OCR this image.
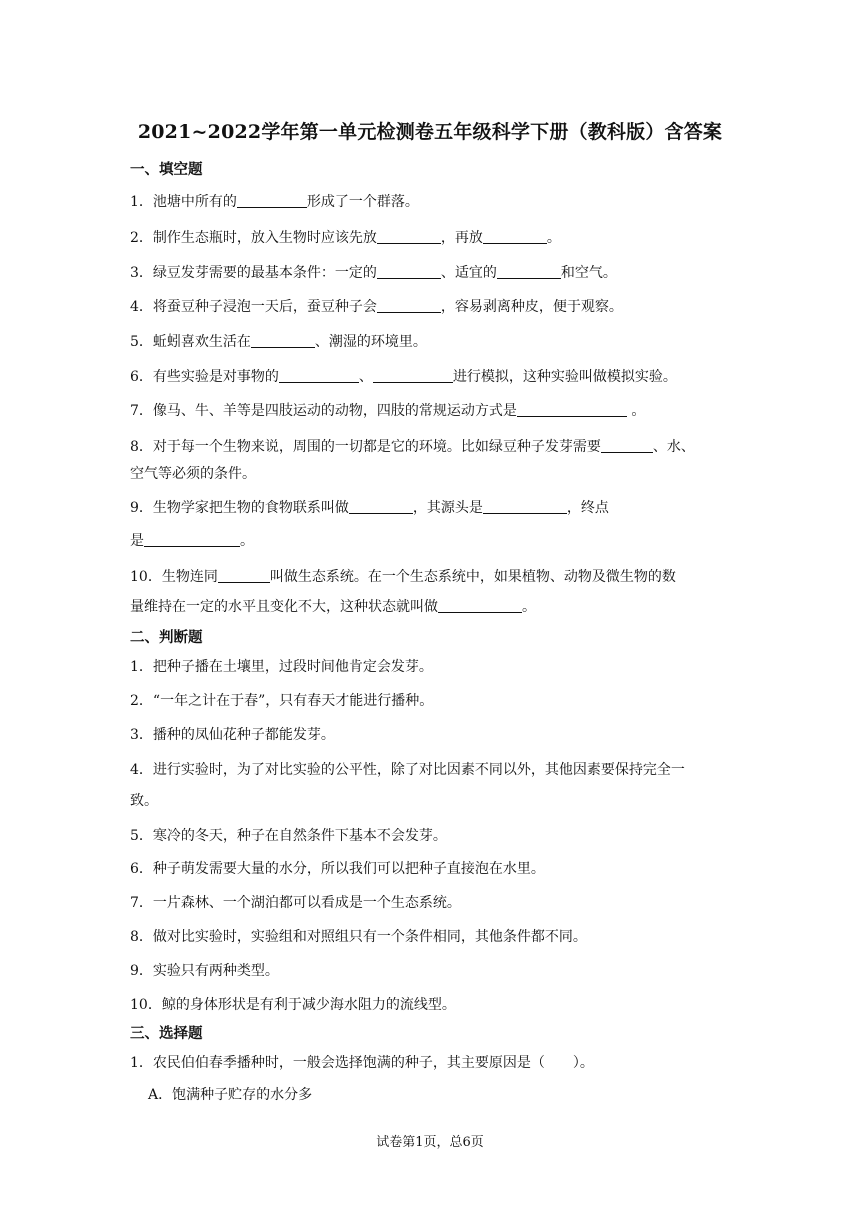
2021~2022学年第一单元检测卷五年级科学下册（教科版）含答案
一、填空题
1．池塘中所有的	形成了一个群落。
2．制作生态瓶时，放入生物时应该先放	，再放	。
3．绿豆发芽需要的最基本条件：一定的	、适宜的	和空气。
4．将蚕豆种子浸泡一天后，蚕豆种子会	，容易剥离种皮，便于观察。
5．蚯蚓喜欢生活在	、潮湿的环境里。
6．有些实验是对事物的	、	进行模拟，这种实验叫做模拟实验。
7．像马、牛、羊等是四肢运动的动物，四肢的常规运动方式是	。
8．对于每一个生物来说，周围的一切都是它的环境。比如绿豆种子发芽需要	、水、
空气等必须的条件。
9．生物学家把生物的食物联系叫做	，其源头是	，终点
是	。
10．生物连同	叫做生态系统。在一个生态系统中，如果植物、动物及微生物的数
量维持在一定的水平且变化不大，这种状态就叫做	。
二、判断题
1．把种子播在土壤里，过段时间他肯定会发芽。
2．“一年之计在于春”，只有春天才能进行播种。
3．播种的凤仙花种子都能发芽。
4．进行实验时，为了对比实验的公平性，除了对比因素不同以外，其他因素要保持完全一
致。
5．寒冷的冬天，种子在自然条件下基本不会发芽。
6．种子萌发需要大量的水分，所以我们可以把种子直接泡在水里。
7．一片森林、一个湖泊都可以看成是一个生态系统。
8．做对比实验时，实验组和对照组只有一个条件相同，其他条件都不同。
9．实验只有两种类型。
10．鲸的身体形状是有利于减少海水阻力的流线型。
三、选择题
1．农民伯伯春季播种时，一般会选择饱满的种子，其主要原因是（　　）。
A．饱满种子贮存的水分多
试卷第1页，总6页
